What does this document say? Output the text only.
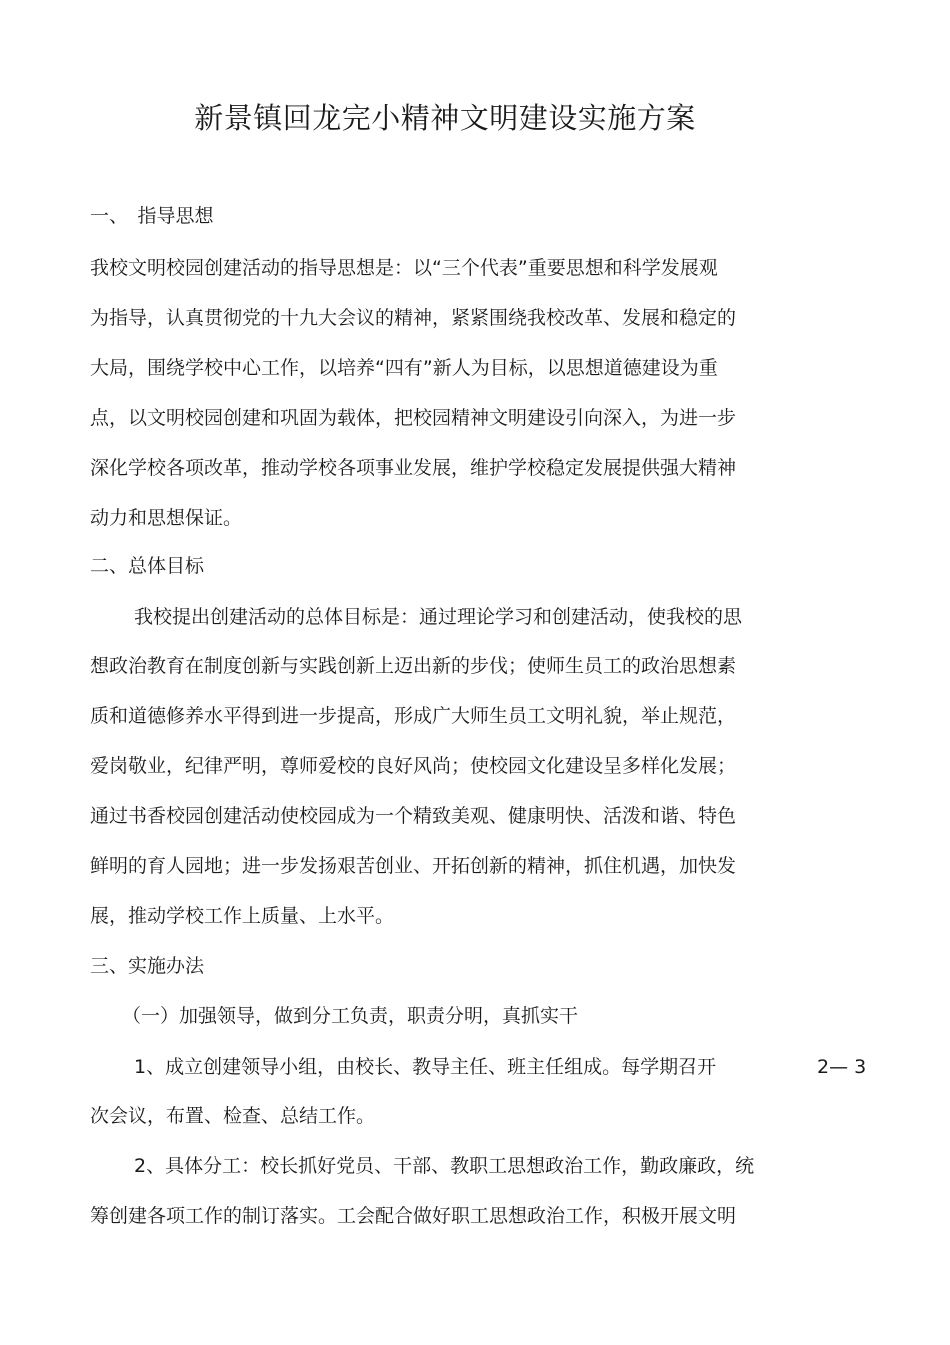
新景镇回龙完小精神文明建设实施方案

一、　指导思想

我校文明校园创建活动的指导思想是：以“三个代表”重要思想和科学发展观

为指导，认真贯彻党的十九大会议的精神，紧紧围绕我校改革、发展和稳定的

大局，围绕学校中心工作，以培养“四有”新人为目标，以思想道德建设为重

点，以文明校园创建和巩固为载体，把校园精神文明建设引向深入，为进一步

深化学校各项改革，推动学校各项事业发展，维护学校稳定发展提供强大精神

动力和思想保证。

二、总体目标

我校提出创建活动的总体目标是：通过理论学习和创建活动，使我校的思

想政治教育在制度创新与实践创新上迈出新的步伐；使师生员工的政治思想素

质和道德修养水平得到进一步提高，形成广大师生员工文明礼貌，举止规范，

爱岗敬业，纪律严明，尊师爱校的良好风尚；使校园文化建设呈多样化发展；

通过书香校园创建活动使校园成为一个精致美观、健康明快、活泼和谐、特色

鲜明的育人园地；进一步发扬艰苦创业、开拓创新的精神，抓住机遇，加快发

展，推动学校工作上质量、上水平。

三、实施办法

（一）加强领导，做到分工负责，职责分明，真抓实干

1、成立创建领导小组，由校长、教导主任、班主任组成。每学期召开	2— 3

次会议，布置、检查、总结工作。

2、具体分工：校长抓好党员、干部、教职工思想政治工作，勤政廉政，统

筹创建各项工作的制订落实。工会配合做好职工思想政治工作，积极开展文明
